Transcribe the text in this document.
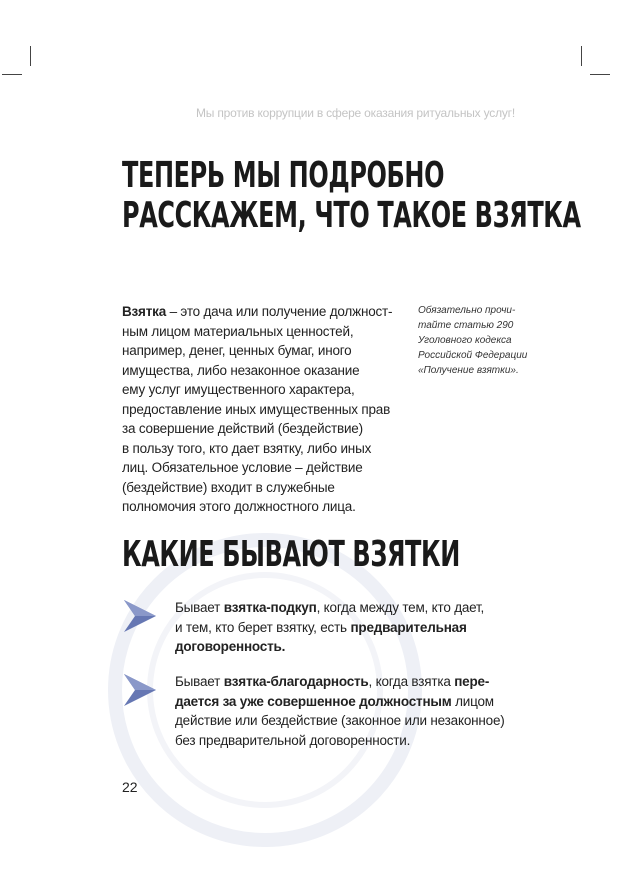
Мы против коррупции в сфере оказания ритуальных услуг!
ТЕПЕРЬ МЫ ПОДРОБНО
РАССКАЖЕМ, ЧТО ТАКОЕ ВЗЯТКА
Взятка – это дача или получение должност-
ным лицом материальных ценностей,
например, денег, ценных бумаг, иного
имущества, либо незаконное оказание
ему услуг имущественного характера,
предоставление иных имущественных прав
за совершение действий (бездействие)
в пользу того, кто дает взятку, либо иных
лиц. Обязательное условие – действие
(бездействие) входит в служебные
полномочия этого должностного лица.
Обязательно прочи-
тайте статью 290
Уголовного кодекса
Российской Федерации
«Получение взятки».
КАКИЕ БЫВАЮТ ВЗЯТКИ
Бывает взятка-подкуп, когда между тем, кто дает,
и тем, кто берет взятку, есть предварительная
договоренность.
Бывает взятка-благодарность, когда взятка пере-
дается за уже совершенное должностным лицом
действие или бездействие (законное или незаконное)
без предварительной договоренности.
22
